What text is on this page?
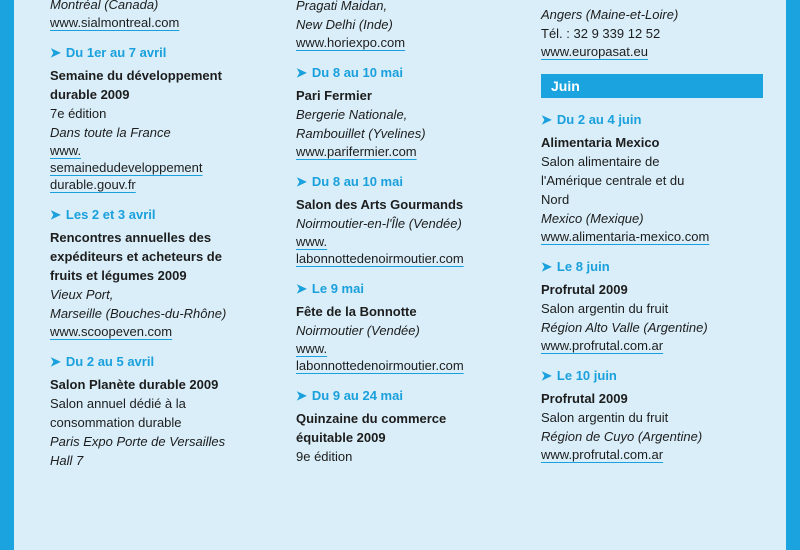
Montréal (Canada)
www.sialmontreal.com
➤ Du 1er au 7 avril
Semaine du développement
durable 2009
7e édition
Dans toute la France
www.
semainedudeveloppement
durable.gouv.fr
➤ Les 2 et 3 avril
Rencontres annuelles des
expéditeurs et acheteurs de
fruits et légumes 2009
Vieux Port,
Marseille (Bouches-du-Rhône)
www.scoopeven.com
➤ Du 2 au 5 avril
Salon Planète durable 2009
Salon annuel dédié à la
consommation durable
Paris Expo Porte de Versailles
Hall 7
Pragati Maidan,
New Delhi (Inde)
www.horiexpo.com
➤ Du 8 au 10 mai
Pari Fermier
Bergerie Nationale,
Rambouillet (Yvelines)
www.parifermier.com
➤ Du 8 au 10 mai
Salon des Arts Gourmands
Noirmoutier-en-l'Île (Vendée)
www.
labonnottedenoirmoutier.com
➤ Le 9 mai
Fête de la Bonnotte
Noirmoutier (Vendée)
www.
labonnottedenoirmoutier.com
➤ Du 9 au 24 mai
Quinzaine du commerce
équitable 2009
9e édition
Angers (Maine-et-Loire)
Tél. : 32 9 339 12 52
www.europasat.eu
Juin
➤ Du 2 au 4 juin
Alimentaria Mexico
Salon alimentaire de
l'Amérique centrale et du
Nord
Mexico (Mexique)
www.alimentaria-mexico.com
➤ Le 8 juin
Profrutal 2009
Salon argentin du fruit
Région Alto Valle (Argentine)
www.profrutal.com.ar
➤ Le 10 juin
Profrutal 2009
Salon argentin du fruit
Région de Cuyo (Argentine)
www.profrutal.com.ar
